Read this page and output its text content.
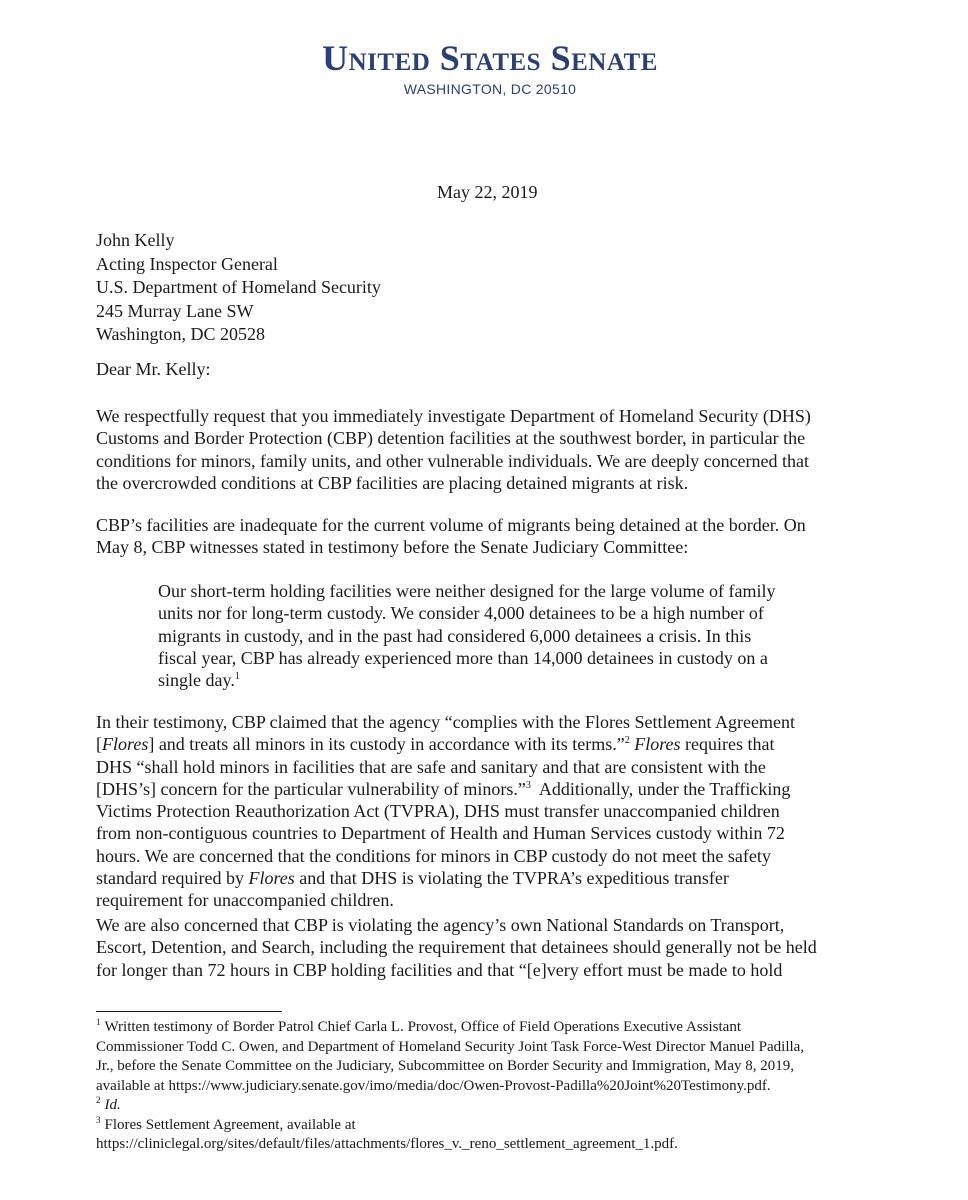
United States Senate
WASHINGTON, DC 20510
May 22, 2019
John Kelly
Acting Inspector General
U.S. Department of Homeland Security
245 Murray Lane SW
Washington, DC 20528
Dear Mr. Kelly:

We respectfully request that you immediately investigate Department of Homeland Security (DHS)
Customs and Border Protection (CBP) detention facilities at the southwest border, in particular the
conditions for minors, family units, and other vulnerable individuals. We are deeply concerned that
the overcrowded conditions at CBP facilities are placing detained migrants at risk.

CBP’s facilities are inadequate for the current volume of migrants being detained at the border. On
May 8, CBP witnesses stated in testimony before the Senate Judiciary Committee:

Our short-term holding facilities were neither designed for the large volume of family
units nor for long-term custody. We consider 4,000 detainees to be a high number of
migrants in custody, and in the past had considered 6,000 detainees a crisis. In this
fiscal year, CBP has already experienced more than 14,000 detainees in custody on a
single day.$^1$

In their testimony, CBP claimed that the agency “complies with the Flores Settlement Agreement
[Flores] and treats all minors in its custody in accordance with its terms.”$^2$ Flores requires that
DHS “shall hold minors in facilities that are safe and sanitary and that are consistent with the
[DHS’s] concern for the particular vulnerability of minors.”$^3$ Additionally, under the Trafficking
Victims Protection Reauthorization Act (TVPRA), DHS must transfer unaccompanied children
from non-contiguous countries to Department of Health and Human Services custody within 72
hours. We are concerned that the conditions for minors in CBP custody do not meet the safety
standard required by Flores and that DHS is violating the TVPRA’s expeditious transfer
requirement for unaccompanied children.

We are also concerned that CBP is violating the agency’s own National Standards on Transport,
Escort, Detention, and Search, including the requirement that detainees should generally not be held
for longer than 72 hours in CBP holding facilities and that “[e]very effort must be made to hold

$^1$ Written testimony of Border Patrol Chief Carla L. Provost, Office of Field Operations Executive Assistant
Commissioner Todd C. Owen, and Department of Homeland Security Joint Task Force-West Director Manuel Padilla,
Jr., before the Senate Committee on the Judiciary, Subcommittee on Border Security and Immigration, May 8, 2019,
available at https://www.judiciary.senate.gov/imo/media/doc/Owen-Provost-Padilla%20Joint%20Testimony.pdf.
$^2$ Id.
$^3$ Flores Settlement Agreement, available at
https://cliniclegal.org/sites/default/files/attachments/flores_v._reno_settlement_agreement_1.pdf.
